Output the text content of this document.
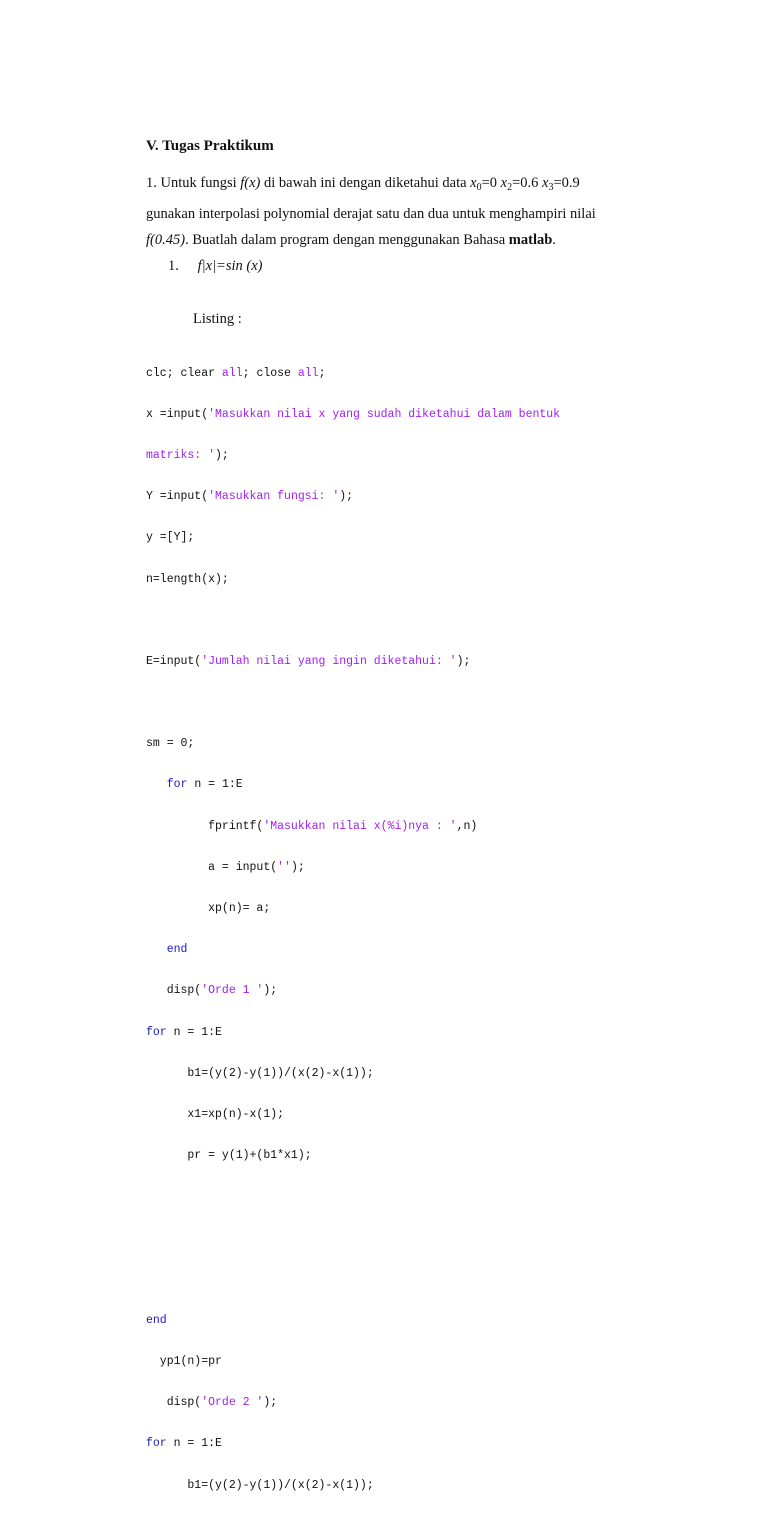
V. Tugas Praktikum
1. Untuk fungsi f(x) di bawah ini dengan diketahui data $x_0=0$ $x_2=0.6$ $x_3=0.9$
gunakan interpolasi polynomial derajat satu dan dua untuk menghampiri nilai
f(0.45). Buatlah dalam program dengan menggunakan Bahasa matlab.
1. f|x|=sin (x)
Listing :

clc; clear all; close all;

x =input('Masukkan nilai x yang sudah diketahui dalam bentuk

matriks: ');

Y =input('Masukkan fungsi: ');

y =[Y];

n=length(x);

E=input('Jumlah nilai yang ingin diketahui: ');

sm = 0;

for n = 1:E

fprintf('Masukkan nilai x(%i)nya : ',n)

a = input('');

xp(n)= a;

end

disp('Orde 1 ');

for n = 1:E

b1=(y(2)-y(1))/(x(2)-x(1));

x1=xp(n)-x(1);

pr = y(1)+(b1*x1);

end

yp1(n)=pr

disp('Orde 2 ');

for n = 1:E

b1=(y(2)-y(1))/(x(2)-x(1));
